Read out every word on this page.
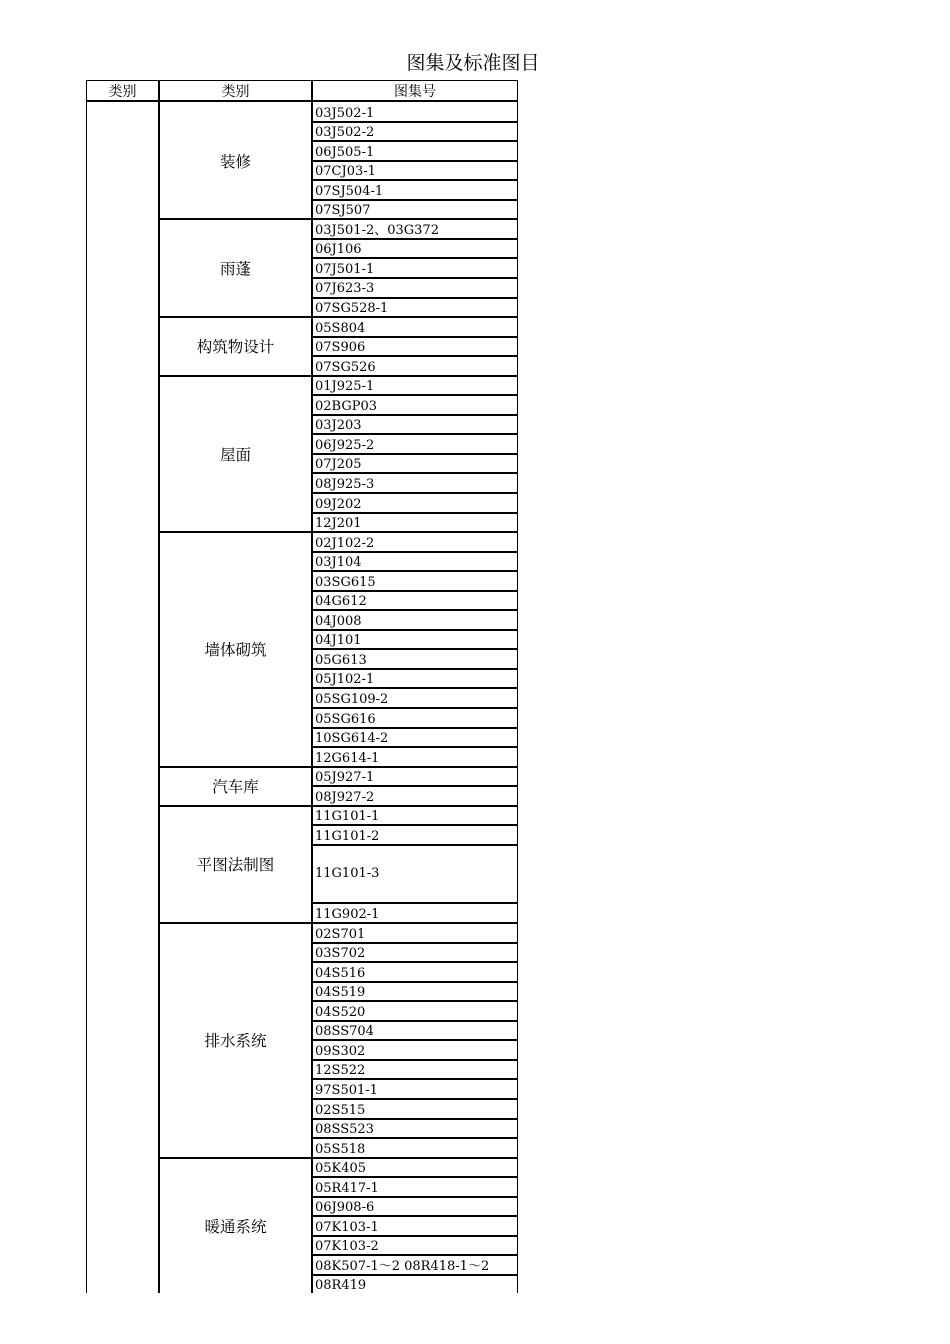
图集及标准图目
类别	类别	图集号
03J502-1
03J502-2
06J505-1
07CJ03-1
07SJ504-1
07SJ507
装修
03J501-2、03G372
06J106
07J501-1
07J623-3
07SG528-1
雨蓬
05S804
07S906
07SG526
构筑物设计
01J925-1
02BGP03
03J203
06J925-2
07J205
08J925-3
09J202
12J201
屋面
02J102-2
03J104
03SG615
04G612
04J008
04J101
05G613
05J102-1
05SG109-2
05SG616
10SG614-2
12G614-1
墙体砌筑
05J927-1
08J927-2
汽车库
11G101-1
11G101-2
11G101-3
11G902-1
平图法制图
02S701
03S702
04S516
04S519
04S520
08SS704
09S302
12S522
97S501-1
02S515
08SS523
05S518
排水系统
05K405
05R417-1
06J908-6
07K103-1
07K103-2
08K507-1～2 08R418-1～2
08R419
暖通系统
